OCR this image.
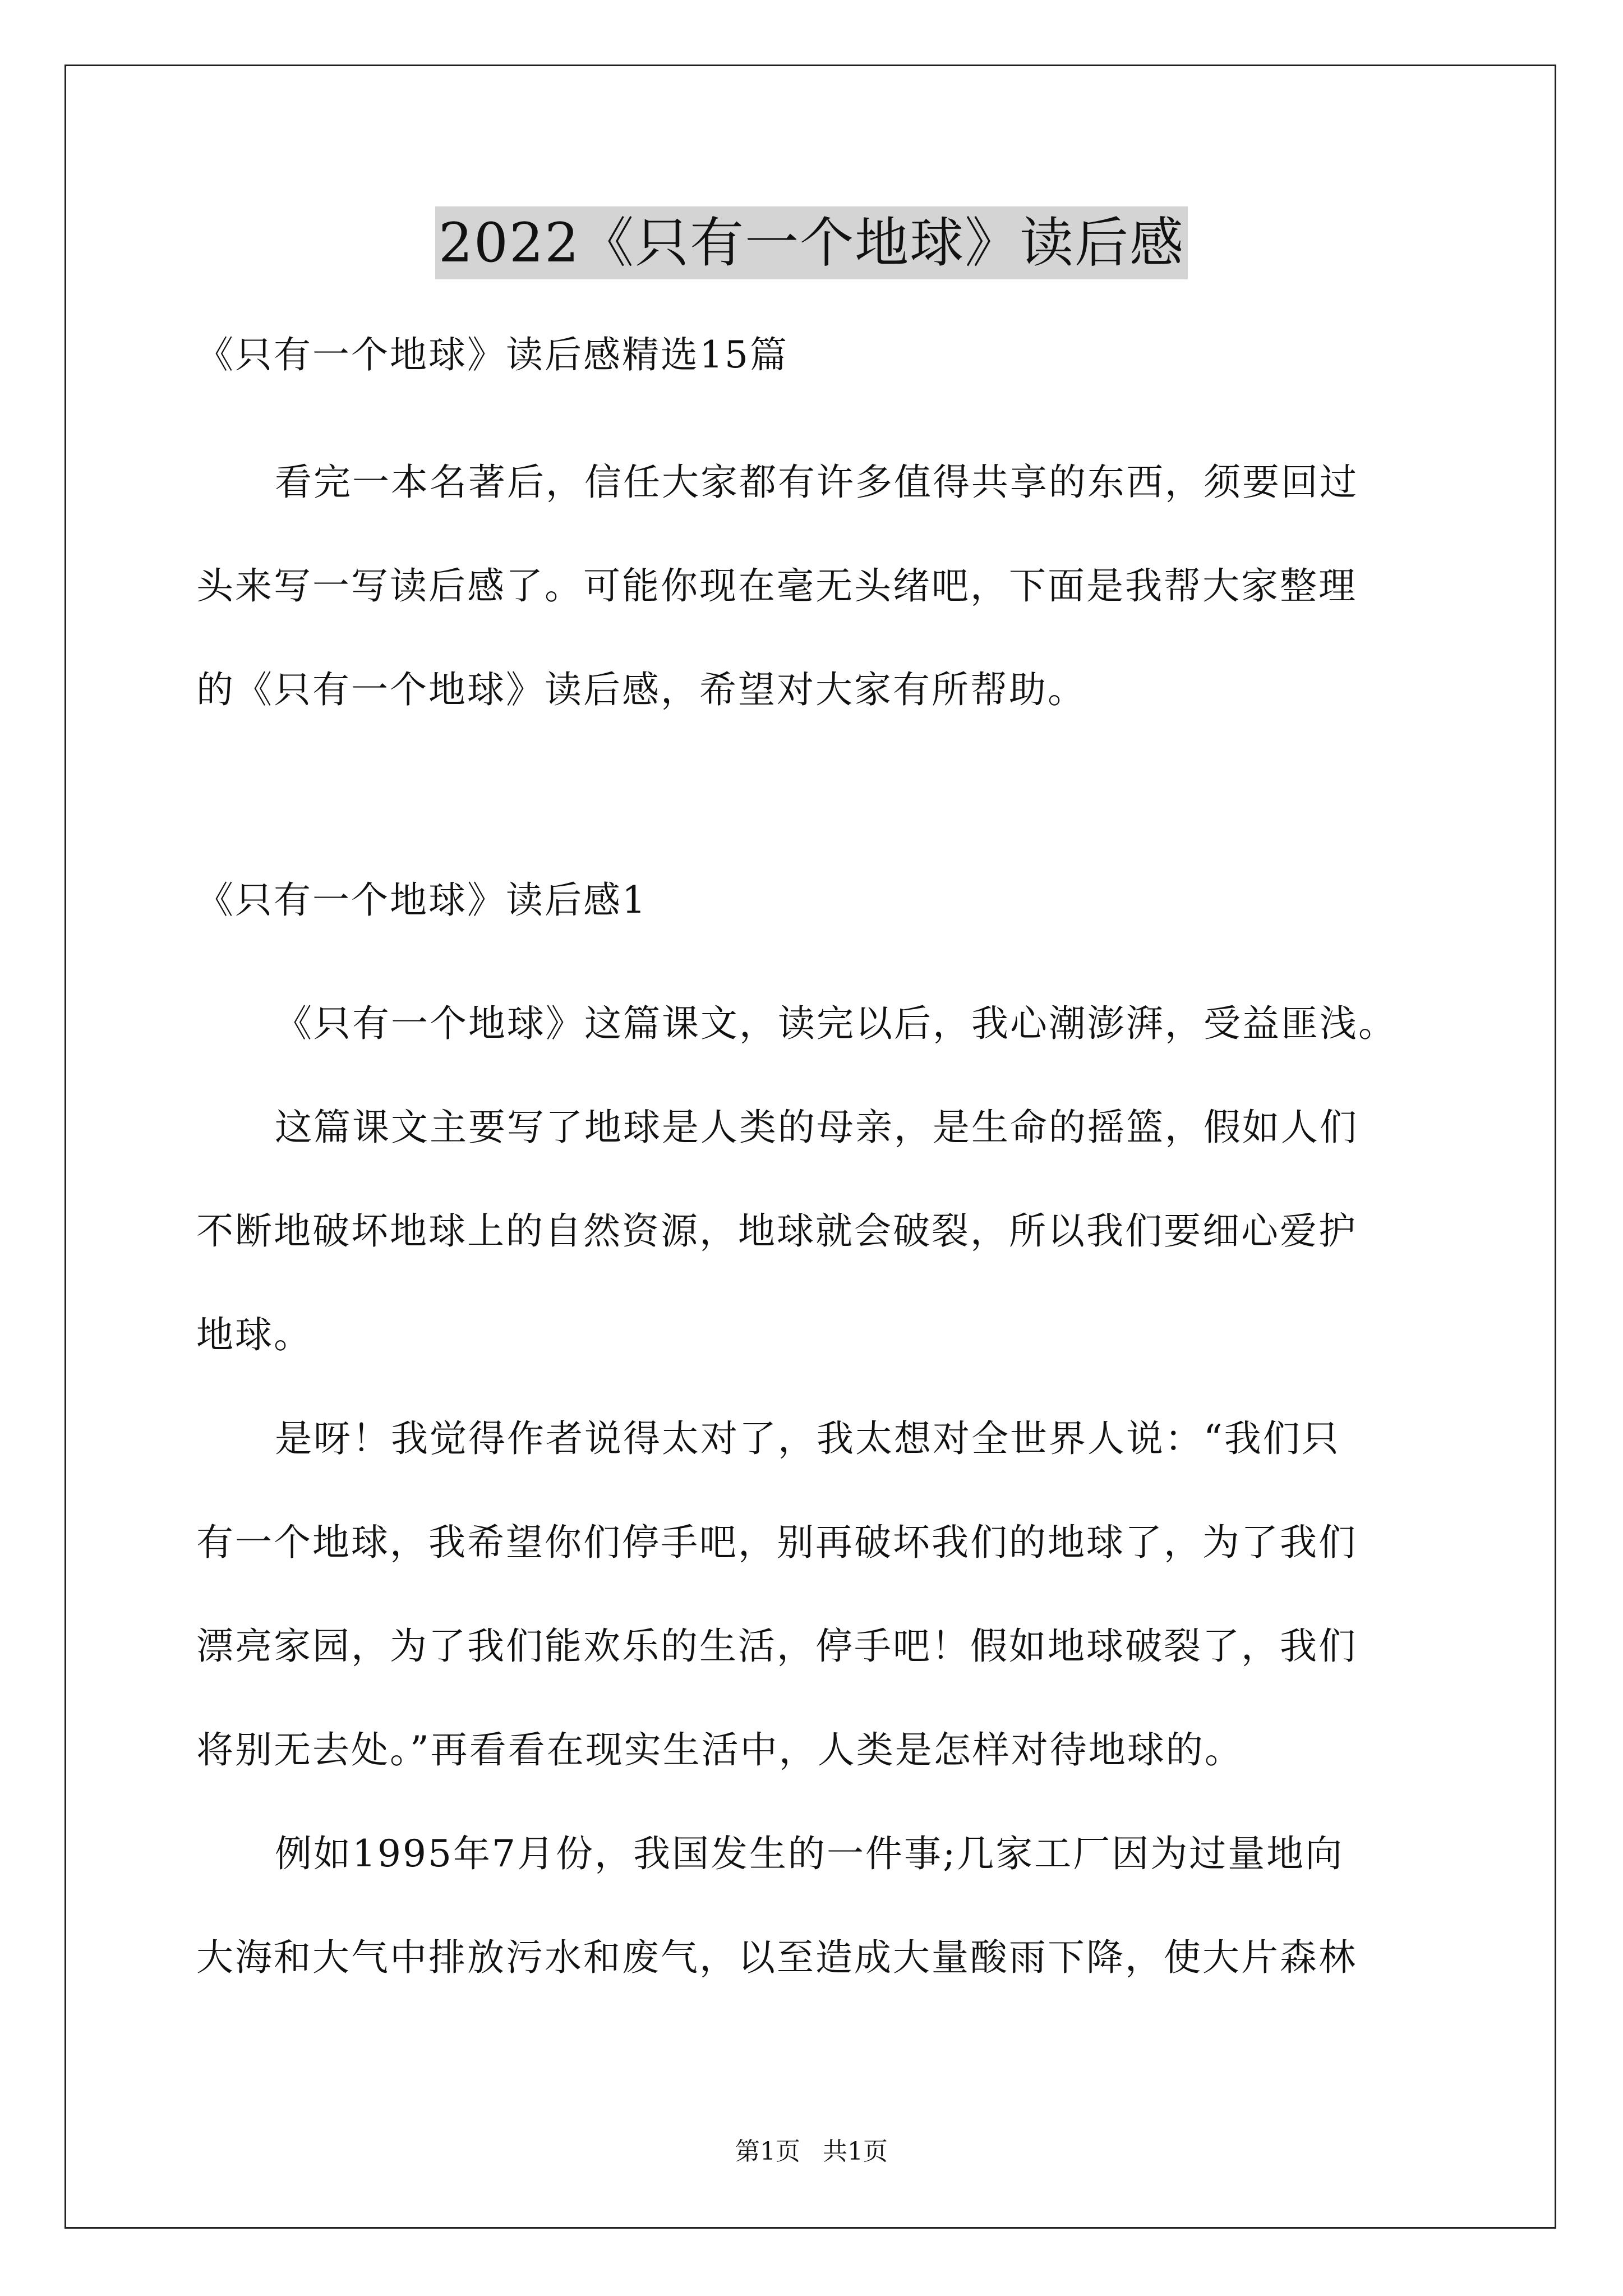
2022《只有一个地球》读后感
《只有一个地球》读后感精选15篇
看完一本名著后，信任大家都有许多值得共享的东西，须要回过
头来写一写读后感了。可能你现在毫无头绪吧，下面是我帮大家整理
的《只有一个地球》读后感，希望对大家有所帮助。
《只有一个地球》读后感1
《只有一个地球》这篇课文，读完以后，我心潮澎湃，受益匪浅。
这篇课文主要写了地球是人类的母亲，是生命的摇篮，假如人们
不断地破坏地球上的自然资源，地球就会破裂，所以我们要细心爱护
地球。
是呀！我觉得作者说得太对了，我太想对全世界人说：“我们只
有一个地球，我希望你们停手吧，别再破坏我们的地球了，为了我们
漂亮家园，为了我们能欢乐的生活，停手吧！假如地球破裂了，我们
将别无去处。”再看看在现实生活中，人类是怎样对待地球的。
例如1995年7月份，我国发生的一件事;几家工厂因为过量地向
大海和大气中排放污水和废气，以至造成大量酸雨下降，使大片森林
第1页 共1页
